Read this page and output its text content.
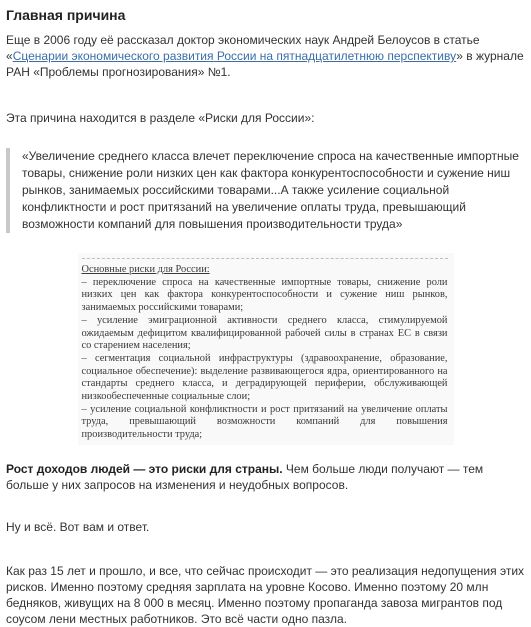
Главная причина

Еще в 2006 году её рассказал доктор экономических наук Андрей Белоусов в статье «Сценарии экономического развития России на пятнадцатилетнюю перспективу» в журнале РАН «Проблемы прогнозирования» №1.

Эта причина находится в разделе «Риски для России»:

«Увеличение среднего класса влечет переключение спроса на качественные импортные товары, снижение роли низких цен как фактора конкурентоспособности и сужение ниш рынков, занимаемых российскими товарами...А также усиление социальной конфликтности и рост притязаний на увеличение оплаты труда, превышающий возможности компаний для повышения производительности труда»
Основные риски для России:
– переключение спроса на качественные импортные товары, снижение роли низких цен как фактора конкурентоспособности и сужение ниш рынков, занимаемых российскими товарами;
– усиление эмиграционной активности среднего класса, стимулируемой ожидаемым дефицитом квалифицированной рабочей силы в странах ЕС в связи со старением населения;
– сегментация социальной инфраструктуры (здравоохранение, образование, социальное обеспечение): выделение развивающегося ядра, ориентированного на стандарты среднего класса, и деградирующей периферии, обслуживающей низкообеспеченные социальные слои;
– усиление социальной конфликтности и рост притязаний на увеличение оплаты труда, превышающий возможности компаний для повышения производительности труда;

Рост доходов людей — это риски для страны. Чем больше люди получают — тем больше у них запросов на изменения и неудобных вопросов.

Ну и всё. Вот вам и ответ.

Как раз 15 лет и прошло, и все, что сейчас происходит — это реализация недопущения этих рисков. Именно поэтому средняя зарплата на уровне Косово. Именно поэтому 20 млн бедняков, живущих на 8 000 в месяц. Именно поэтому пропаганда завоза мигрантов под соусом лени местных работников. Это всё части одно пазла.
